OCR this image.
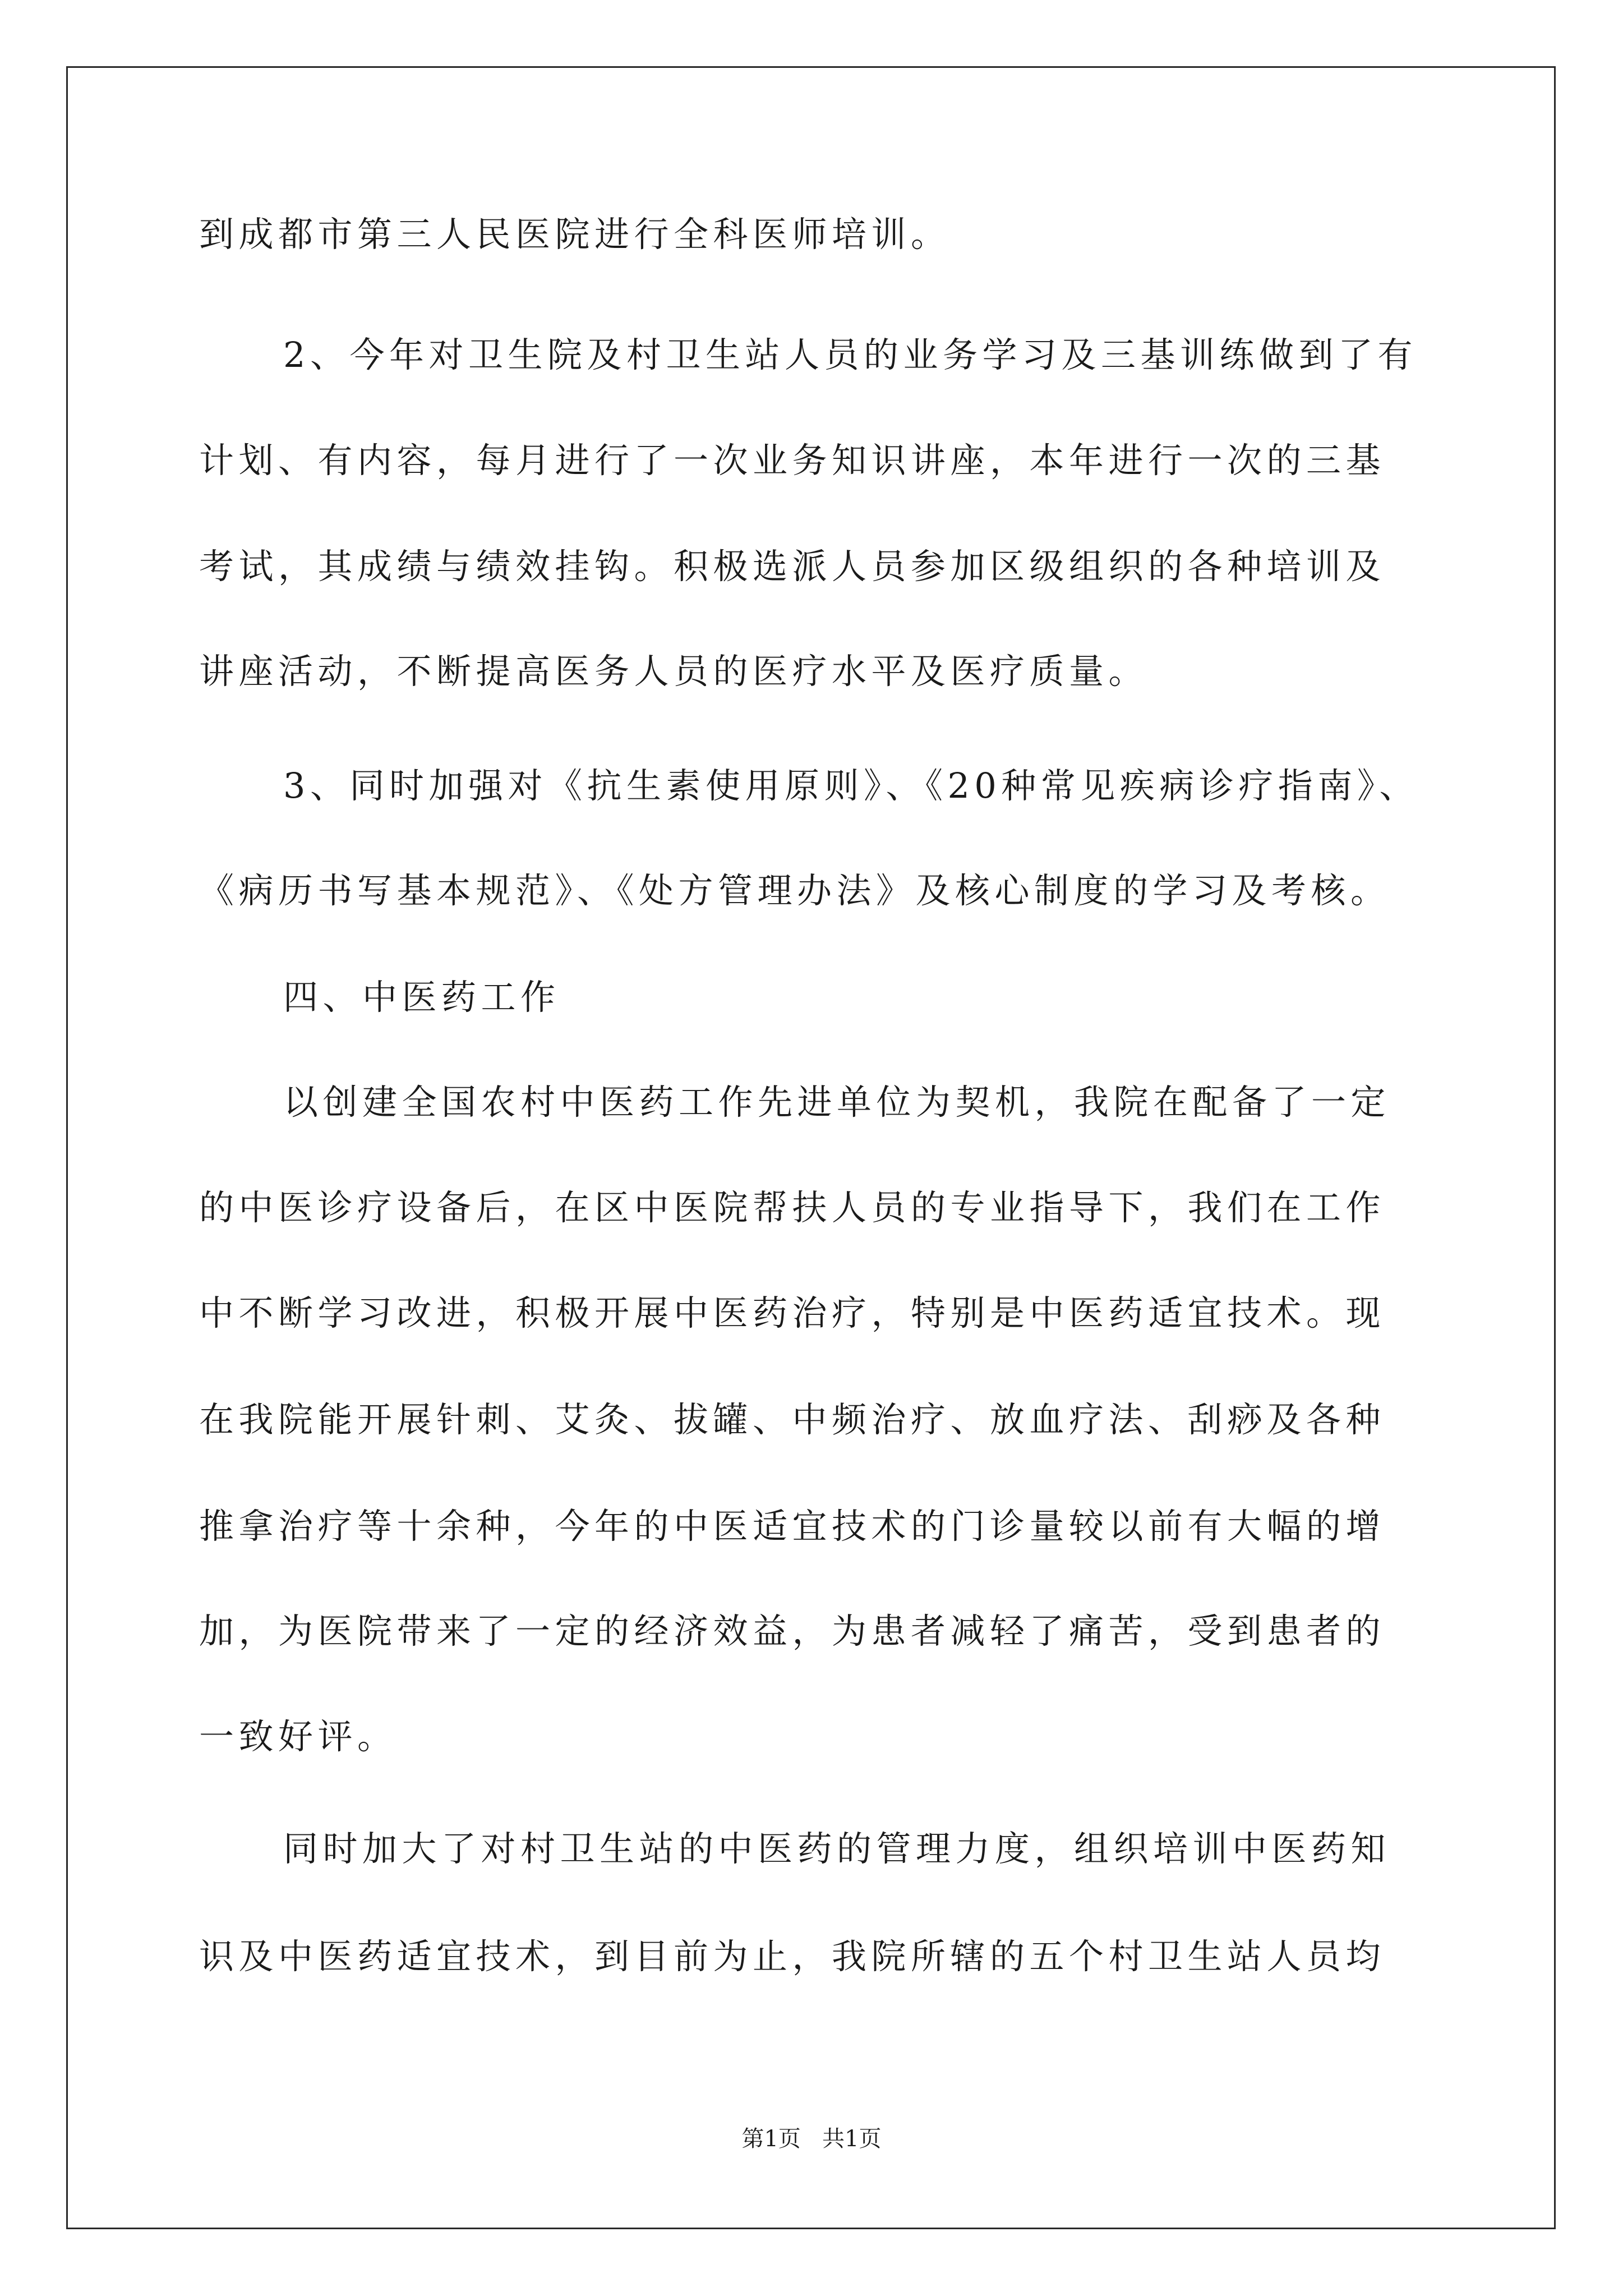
到成都市第三人民医院进行全科医师培训。
2、今年对卫生院及村卫生站人员的业务学习及三基训练做到了有
计划、有内容，每月进行了一次业务知识讲座，本年进行一次的三基
考试，其成绩与绩效挂钩。积极选派人员参加区级组织的各种培训及
讲座活动，不断提高医务人员的医疗水平及医疗质量。
3、同时加强对《抗生素使用原则》、《20种常见疾病诊疗指南》、
《病历书写基本规范》、《处方管理办法》及核心制度的学习及考核。
四、中医药工作
以创建全国农村中医药工作先进单位为契机，我院在配备了一定
的中医诊疗设备后，在区中医院帮扶人员的专业指导下，我们在工作
中不断学习改进，积极开展中医药治疗，特别是中医药适宜技术。现
在我院能开展针刺、艾灸、拔罐、中频治疗、放血疗法、刮痧及各种
推拿治疗等十余种，今年的中医适宜技术的门诊量较以前有大幅的增
加，为医院带来了一定的经济效益，为患者减轻了痛苦，受到患者的
一致好评。
同时加大了对村卫生站的中医药的管理力度，组织培训中医药知
识及中医药适宜技术，到目前为止，我院所辖的五个村卫生站人员均
第1页   共1页
